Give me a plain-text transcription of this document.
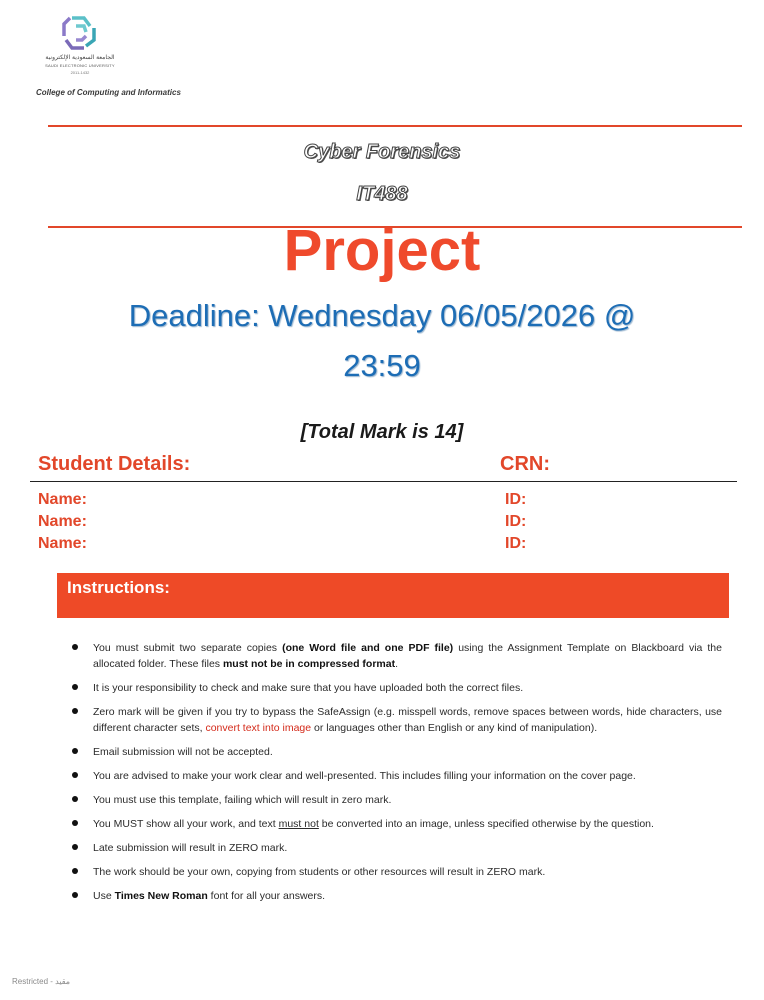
الجامعة السعودية الإلكترونية
SAUDI ELECTRONIC UNIVERSITY
2011-1432
College of Computing and Informatics
Cyber Forensics
IT488
Project
Deadline: Wednesday 06/05/2026 @
23:59
[Total Mark is 14]
Student Details:	CRN:
Name:
Name:
Name:
ID:
ID:
ID:
Instructions:
You must submit two separate copies (one Word file and one PDF file) using the Assignment Template on Blackboard via the allocated folder. These files must not be in compressed format.
It is your responsibility to check and make sure that you have uploaded both the correct files.
Zero mark will be given if you try to bypass the SafeAssign (e.g. misspell words, remove spaces between words, hide characters, use different character sets, convert text into image or languages other than English or any kind of manipulation).
Email submission will not be accepted.
You are advised to make your work clear and well-presented. This includes filling your information on the cover page.
You must use this template, failing which will result in zero mark.
You MUST show all your work, and text must not be converted into an image, unless specified otherwise by the question.
Late submission will result in ZERO mark.
The work should be your own, copying from students or other resources will result in ZERO mark.
Use Times New Roman font for all your answers.
Restricted - مقيد
